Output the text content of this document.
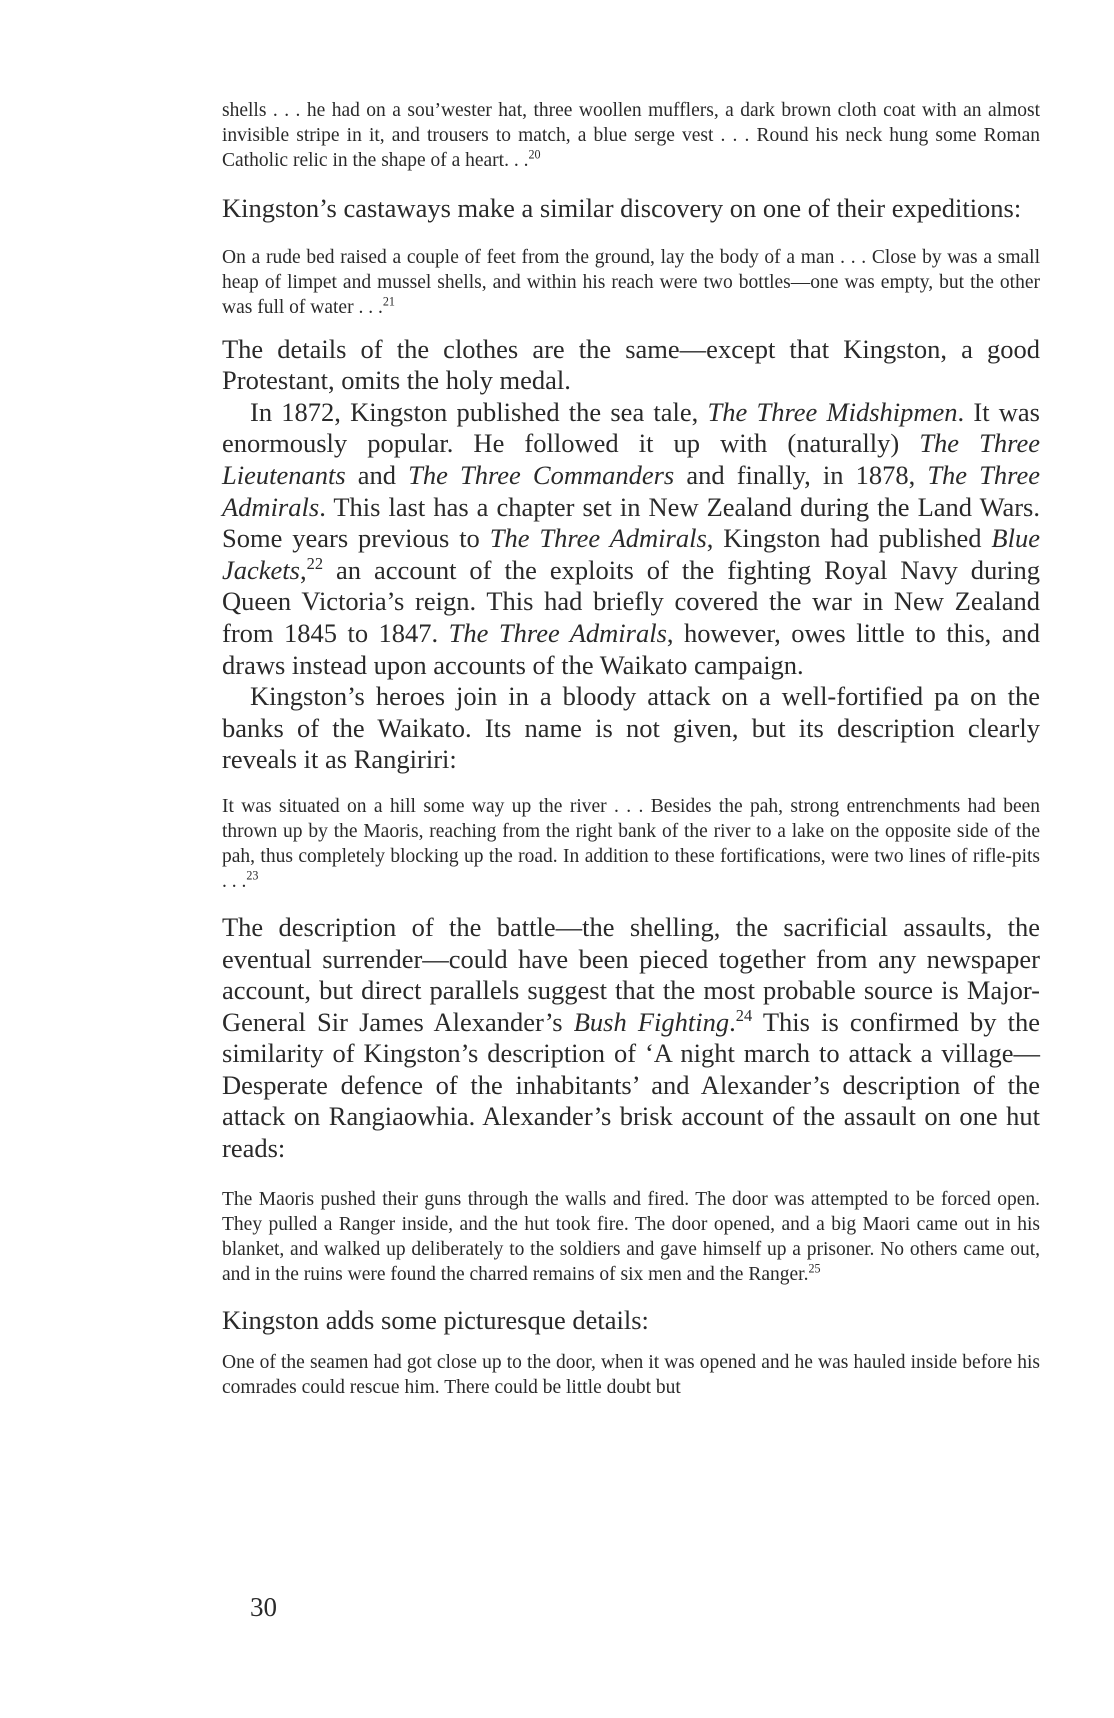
shells . . . he had on a sou’wester hat, three woollen mufflers, a dark brown cloth coat with an almost invisible stripe in it, and trousers to match, a blue serge vest . . . Round his neck hung some Roman Catholic relic in the shape of a heart. . .$^{20}$

Kingston’s castaways make a similar discovery on one of their expeditions:

On a rude bed raised a couple of feet from the ground, lay the body of a man . . . Close by was a small heap of limpet and mussel shells, and within his reach were two bottles—one was empty, but the other was full of water . . .$^{21}$

The details of the clothes are the same—except that Kingston, a good Protestant, omits the holy medal.

In 1872, Kingston published the sea tale, The Three Midshipmen. It was enormously popular. He followed it up with (naturally) The Three Lieutenants and The Three Commanders and finally, in 1878, The Three Admirals. This last has a chapter set in New Zealand during the Land Wars. Some years previous to The Three Admirals, Kingston had published Blue Jackets,$^{22}$ an account of the exploits of the fighting Royal Navy during Queen Victoria’s reign. This had briefly covered the war in New Zealand from 1845 to 1847. The Three Admirals, however, owes little to this, and draws instead upon accounts of the Waikato campaign.

Kingston’s heroes join in a bloody attack on a well-fortified pa on the banks of the Waikato. Its name is not given, but its description clearly reveals it as Rangiriri:

It was situated on a hill some way up the river . . . Besides the pah, strong entrenchments had been thrown up by the Maoris, reaching from the right bank of the river to a lake on the opposite side of the pah, thus completely blocking up the road. In addition to these fortifications, were two lines of rifle-pits . . .$^{23}$

The description of the battle—the shelling, the sacrificial assaults, the eventual surrender—could have been pieced together from any newspaper account, but direct parallels suggest that the most probable source is Major-General Sir James Alexander’s Bush Fighting.$^{24}$ This is confirmed by the similarity of Kingston’s description of ‘A night march to attack a village—Desperate defence of the inhabitants’ and Alexander’s description of the attack on Rangiaowhia. Alexander’s brisk account of the assault on one hut reads:

The Maoris pushed their guns through the walls and fired. The door was attempted to be forced open. They pulled a Ranger inside, and the hut took fire. The door opened, and a big Maori came out in his blanket, and walked up deliberately to the soldiers and gave himself up a prisoner. No others came out, and in the ruins were found the charred remains of six men and the Ranger.$^{25}$

Kingston adds some picturesque details:

One of the seamen had got close up to the door, when it was opened and he was hauled inside before his comrades could rescue him. There could be little doubt but

30
